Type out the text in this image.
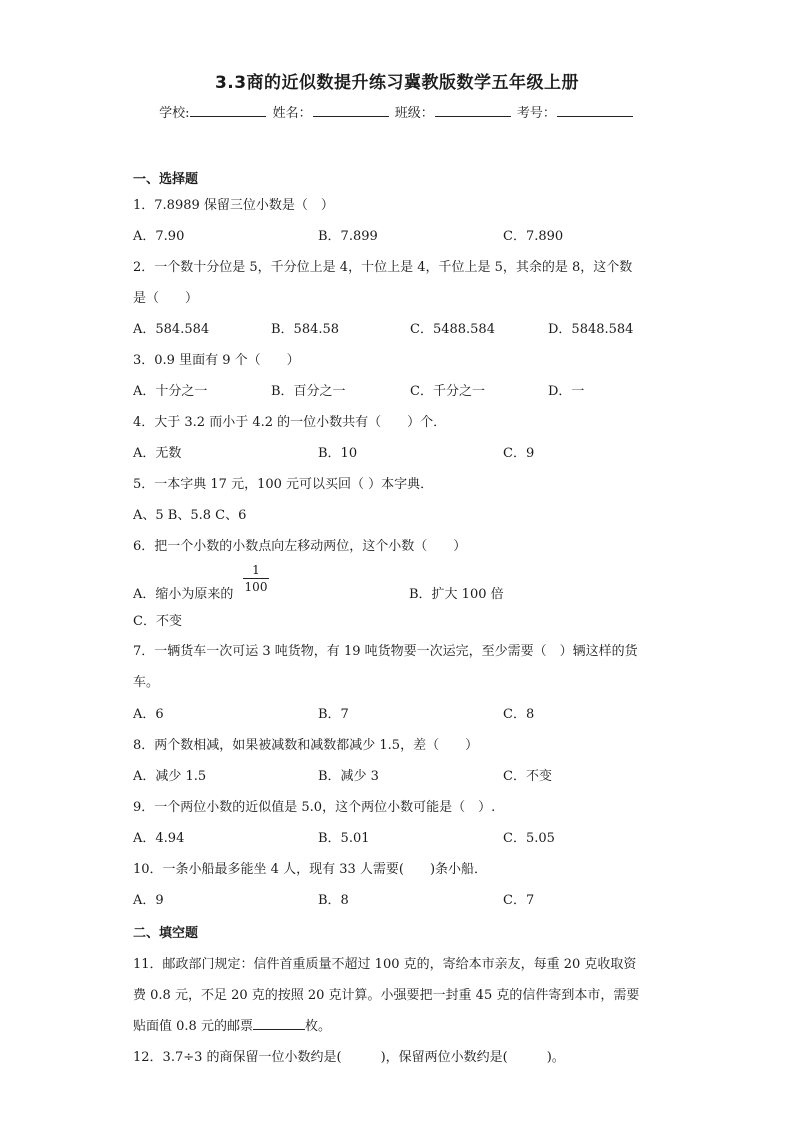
3.3商的近似数提升练习冀教版数学五年级上册
学校:	姓名：	班级：	考号：
一、选择题
1．7.8989 保留三位小数是（　）
A．7.90	B．7.899	C．7.890
2．一个数十分位是 5，千分位上是 4，十位上是 4，千位上是 5，其余的是 8，这个数
是（　　）
A．584.584	B．584.58	C．5488.584	D．5848.584
3．0.9 里面有 9 个（　　）
A．十分之一	B．百分之一	C．千分之一	D．一
4．大于 3.2 而小于 4.2 的一位小数共有（　　）个．
A．无数	B．10	C．9
5．一本字典 17 元，100 元可以买回（ ）本字典．
A、5 B、5.8 C、6
6．把一个小数的小数点向左移动两位，这个小数（　　）
A．缩小为原来的
1
100	B．扩大 100 倍
C．不变
7．一辆货车一次可运 3 吨货物，有 19 吨货物要一次运完，至少需要（　）辆这样的货
车。
A．6	B．7	C．8
8．两个数相减，如果被减数和减数都减少 1.5，差（　　）
A．减少 1.5	B．减少 3	C．不变
9．一个两位小数的近似值是 5.0，这个两位小数可能是（　）.
A．4.94	B．5.01	C．5.05
10．一条小船最多能坐 4 人，现有 33 人需要(　　)条小船．
A．9	B．8	C．7
二、填空题
11．邮政部门规定：信件首重质量不超过 100 克的，寄给本市亲友，每重 20 克收取资
费 0.8 元，不足 20 克的按照 20 克计算。小强要把一封重 45 克的信件寄到本市，需要
贴面值 0.8 元的邮票	枚。
12．3.7÷3 的商保留一位小数约是(　　　)，保留两位小数约是(　　　)。
